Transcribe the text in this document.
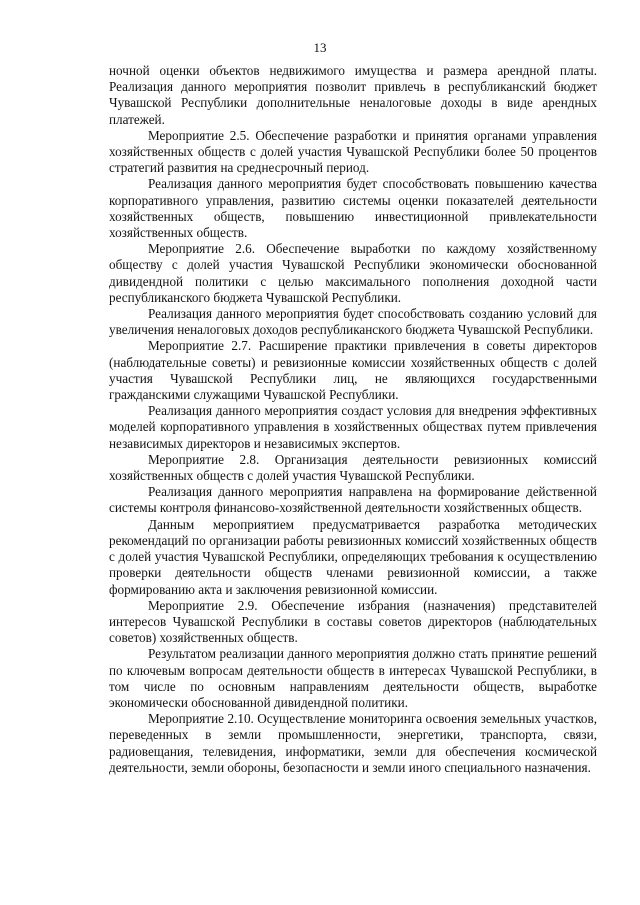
13

ночной оценки объектов недвижимого имущества и размера арендной платы. Реализация данного мероприятия позволит привлечь в республиканский бюджет Чувашской Республики дополнительные неналоговые доходы в виде арендных платежей.

Мероприятие 2.5. Обеспечение разработки и принятия органами управления хозяйственных обществ с долей участия Чувашской Республики более 50 процентов стратегий развития на среднесрочный период.

Реализация данного мероприятия будет способствовать повышению качества корпоративного управления, развитию системы оценки показателей деятельности хозяйственных обществ, повышению инвестиционной привлекательности хозяйственных обществ.

Мероприятие 2.6. Обеспечение выработки по каждому хозяйственному обществу с долей участия Чувашской Республики экономически обоснованной дивидендной политики с целью максимального пополнения доходной части республиканского бюджета Чувашской Республики.

Реализация данного мероприятия будет способствовать созданию условий для увеличения неналоговых доходов республиканского бюджета Чувашской Республики.

Мероприятие 2.7. Расширение практики привлечения в советы директоров (наблюдательные советы) и ревизионные комиссии хозяйственных обществ с долей участия Чувашской Республики лиц, не являющихся государственными гражданскими служащими Чувашской Республики.

Реализация данного мероприятия создаст условия для внедрения эффективных моделей корпоративного управления в хозяйственных обществах путем привлечения независимых директоров и независимых экспертов.

Мероприятие 2.8. Организация деятельности ревизионных комиссий хозяйственных обществ с долей участия Чувашской Республики.

Реализация данного мероприятия направлена на формирование действенной системы контроля финансово-хозяйственной деятельности хозяйственных обществ.

Данным мероприятием предусматривается разработка методических рекомендаций по организации работы ревизионных комиссий хозяйственных обществ с долей участия Чувашской Республики, определяющих требования к осуществлению проверки деятельности обществ членами ревизионной комиссии, а также формированию акта и заключения ревизионной комиссии.

Мероприятие 2.9. Обеспечение избрания (назначения) представителей интересов Чувашской Республики в составы советов директоров (наблюдательных советов) хозяйственных обществ.

Результатом реализации данного мероприятия должно стать принятие решений по ключевым вопросам деятельности обществ в интересах Чувашской Республики, в том числе по основным направлениям деятельности обществ, выработке экономически обоснованной дивидендной политики.

Мероприятие 2.10. Осуществление мониторинга освоения земельных участков, переведенных в земли промышленности, энергетики, транспорта, связи, радиовещания, телевидения, информатики, земли для обеспечения космической деятельности, земли обороны, безопасности и земли иного специального назначения.
